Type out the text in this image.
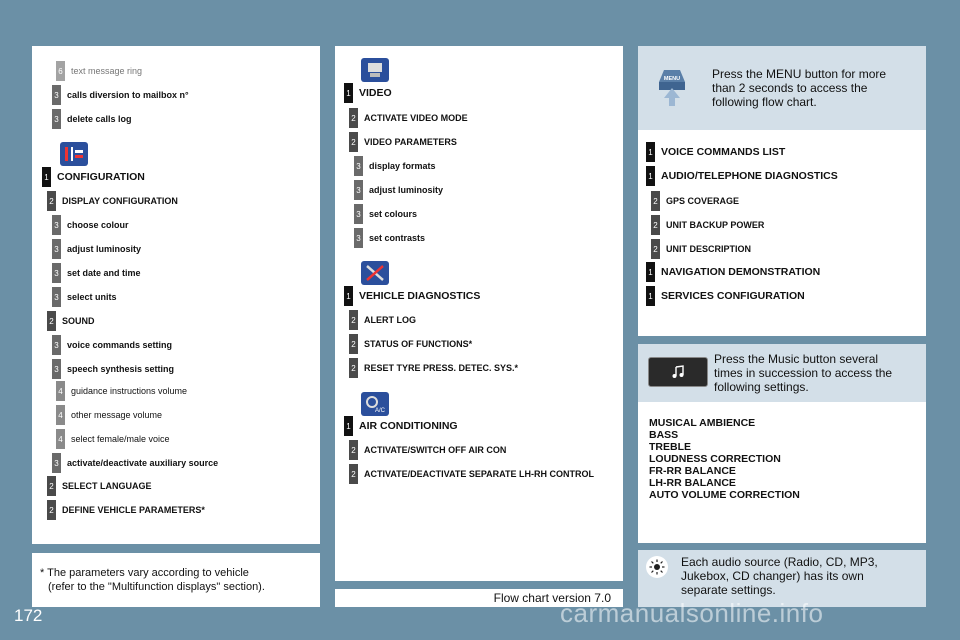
6 text message ring
3 calls diversion to mailbox n°
3 delete calls log
1 CONFIGURATION
2 DISPLAY CONFIGURATION
3 choose colour
3 adjust luminosity
3 set date and time
3 select units
2 SOUND
3 voice commands setting
3 speech synthesis setting
4 guidance instructions volume
4 other message volume
4 select female/male voice
3 activate/deactivate auxiliary source
2 SELECT LANGUAGE
2 DEFINE VEHICLE PARAMETERS*
* The parameters vary according to vehicle
(refer to the "Multifunction displays" section).
A/C
1 VIDEO
2 ACTIVATE VIDEO MODE
2 VIDEO PARAMETERS
3 display formats
3 adjust luminosity
3 set colours
3 set contrasts
1 VEHICLE DIAGNOSTICS
2 ALERT LOG
2 STATUS OF FUNCTIONS*
2 RESET TYRE PRESS. DETEC. SYS.*
1 AIR CONDITIONING
2 ACTIVATE/SWITCH OFF AIR CON
2 ACTIVATE/DEACTIVATE SEPARATE LH-RH CONTROL
Flow chart version 7.0
MENU	Press the MENU button for more
than 2 seconds to access the
following flow chart.
1 VOICE COMMANDS LIST
1 AUDIO/TELEPHONE DIAGNOSTICS
2 GPS COVERAGE
2 UNIT BACKUP POWER
2 UNIT DESCRIPTION
1 NAVIGATION DEMONSTRATION
1 SERVICES CONFIGURATION
Press the Music button several
times in succession to access the
following settings.
MUSICAL AMBIENCE
BASS
TREBLE
LOUDNESS CORRECTION
FR-RR BALANCE
LH-RR BALANCE
AUTO VOLUME CORRECTION
Each audio source (Radio, CD, MP3,
Jukebox, CD changer) has its own
separate settings.
172	carmanualsonline.info
